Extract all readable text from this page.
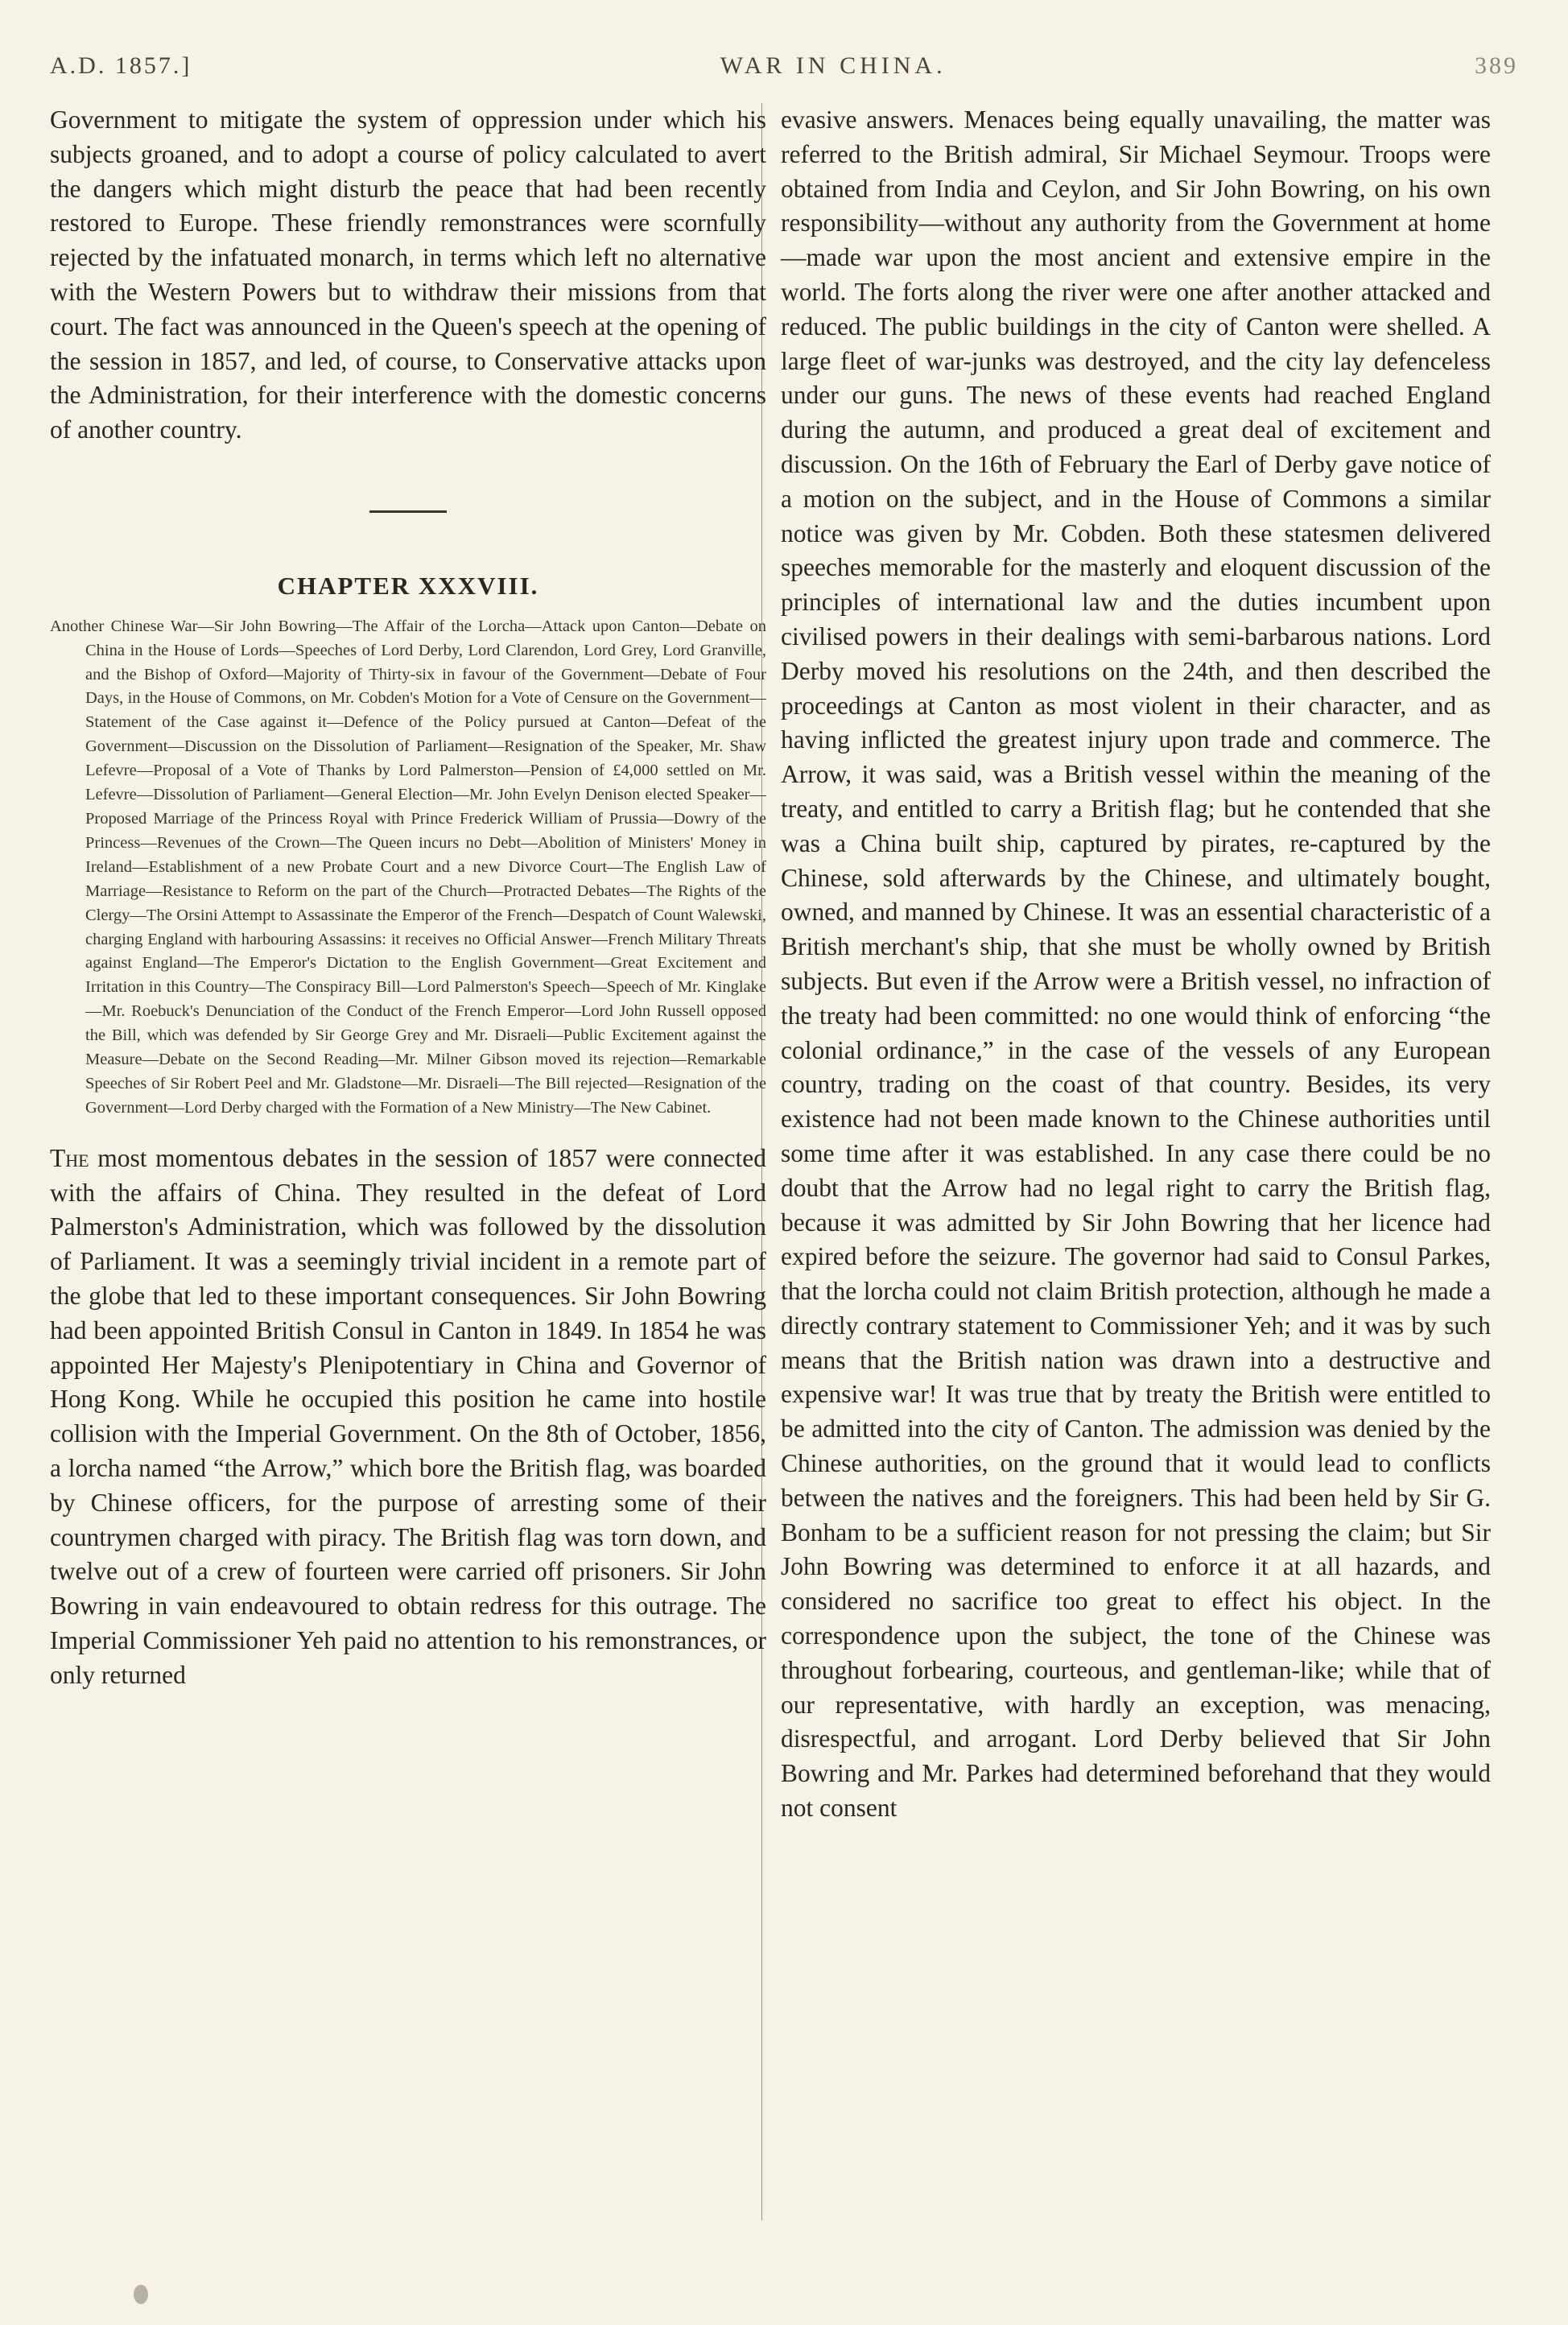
A.D. 1857.]	WAR IN CHINA.	389

Government to mitigate the system of oppression under which his subjects groaned, and to adopt a course of policy calculated to avert the dangers which might disturb the peace that had been recently restored to Europe. These friendly remonstrances were scornfully rejected by the infatuated monarch, in terms which left no alternative with the Western Powers but to withdraw their missions from that court. The fact was announced in the Queen's speech at the opening of the session in 1857, and led, of course, to Conservative attacks upon the Administration, for their interference with the domestic concerns of another country.

CHAPTER XXXVIII.

Another Chinese War—Sir John Bowring—The Affair of the Lorcha—Attack upon Canton—Debate on China in the House of Lords—Speeches of Lord Derby, Lord Clarendon, Lord Grey, Lord Granville, and the Bishop of Oxford—Majority of Thirty-six in favour of the Government—Debate of Four Days, in the House of Commons, on Mr. Cobden's Motion for a Vote of Censure on the Government—Statement of the Case against it—Defence of the Policy pursued at Canton—Defeat of the Government—Discussion on the Dissolution of Parliament—Resignation of the Speaker, Mr. Shaw Lefevre—Proposal of a Vote of Thanks by Lord Palmerston—Pension of £4,000 settled on Mr. Lefevre—Dissolution of Parliament—General Election—Mr. John Evelyn Denison elected Speaker—Proposed Marriage of the Princess Royal with Prince Frederick William of Prussia—Dowry of the Princess—Revenues of the Crown—The Queen incurs no Debt—Abolition of Ministers' Money in Ireland—Establishment of a new Probate Court and a new Divorce Court—The English Law of Marriage—Resistance to Reform on the part of the Church—Protracted Debates—The Rights of the Clergy—The Orsini Attempt to Assassinate the Emperor of the French—Despatch of Count Walewski, charging England with harbouring Assassins: it receives no Official Answer—French Military Threats against England—The Emperor's Dictation to the English Government—Great Excitement and Irritation in this Country—The Conspiracy Bill—Lord Palmerston's Speech—Speech of Mr. Kinglake—Mr. Roebuck's Denunciation of the Conduct of the French Emperor—Lord John Russell opposed the Bill, which was defended by Sir George Grey and Mr. Disraeli—Public Excitement against the Measure—Debate on the Second Reading—Mr. Milner Gibson moved its rejection—Remarkable Speeches of Sir Robert Peel and Mr. Gladstone—Mr. Disraeli—The Bill rejected—Resignation of the Government—Lord Derby charged with the Formation of a New Ministry—The New Cabinet.

The most momentous debates in the session of 1857 were connected with the affairs of China. They resulted in the defeat of Lord Palmerston's Administration, which was followed by the dissolution of Parliament. It was a seemingly trivial incident in a remote part of the globe that led to these important consequences. Sir John Bowring had been appointed British Consul in Canton in 1849. In 1854 he was appointed Her Majesty's Plenipotentiary in China and Governor of Hong Kong. While he occupied this position he came into hostile collision with the Imperial Government. On the 8th of October, 1856, a lorcha named “the Arrow,” which bore the British flag, was boarded by Chinese officers, for the purpose of arresting some of their countrymen charged with piracy. The British flag was torn down, and twelve out of a crew of fourteen were carried off prisoners. Sir John Bowring in vain endeavoured to obtain redress for this outrage. The Imperial Commissioner Yeh paid no attention to his remonstrances, or only returned

evasive answers. Menaces being equally unavailing, the matter was referred to the British admiral, Sir Michael Seymour. Troops were obtained from India and Ceylon, and Sir John Bowring, on his own responsibility—without any authority from the Government at home—made war upon the most ancient and extensive empire in the world. The forts along the river were one after another attacked and reduced. The public buildings in the city of Canton were shelled. A large fleet of war-junks was destroyed, and the city lay defenceless under our guns. The news of these events had reached England during the autumn, and produced a great deal of excitement and discussion. On the 16th of February the Earl of Derby gave notice of a motion on the subject, and in the House of Commons a similar notice was given by Mr. Cobden. Both these statesmen delivered speeches memorable for the masterly and eloquent discussion of the principles of international law and the duties incumbent upon civilised powers in their dealings with semi-barbarous nations. Lord Derby moved his resolutions on the 24th, and then described the proceedings at Canton as most violent in their character, and as having inflicted the greatest injury upon trade and commerce. The Arrow, it was said, was a British vessel within the meaning of the treaty, and entitled to carry a British flag; but he contended that she was a China built ship, captured by pirates, re-captured by the Chinese, sold afterwards by the Chinese, and ultimately bought, owned, and manned by Chinese. It was an essential characteristic of a British merchant's ship, that she must be wholly owned by British subjects. But even if the Arrow were a British vessel, no infraction of the treaty had been committed: no one would think of enforcing “the colonial ordinance,” in the case of the vessels of any European country, trading on the coast of that country. Besides, its very existence had not been made known to the Chinese authorities until some time after it was established. In any case there could be no doubt that the Arrow had no legal right to carry the British flag, because it was admitted by Sir John Bowring that her licence had expired before the seizure. The governor had said to Consul Parkes, that the lorcha could not claim British protection, although he made a directly contrary statement to Commissioner Yeh; and it was by such means that the British nation was drawn into a destructive and expensive war! It was true that by treaty the British were entitled to be admitted into the city of Canton. The admission was denied by the Chinese authorities, on the ground that it would lead to conflicts between the natives and the foreigners. This had been held by Sir G. Bonham to be a sufficient reason for not pressing the claim; but Sir John Bowring was determined to enforce it at all hazards, and considered no sacrifice too great to effect his object. In the correspondence upon the subject, the tone of the Chinese was throughout forbearing, courteous, and gentleman-like; while that of our representative, with hardly an exception, was menacing, disrespectful, and arrogant. Lord Derby believed that Sir John Bowring and Mr. Parkes had determined beforehand that they would not consent
